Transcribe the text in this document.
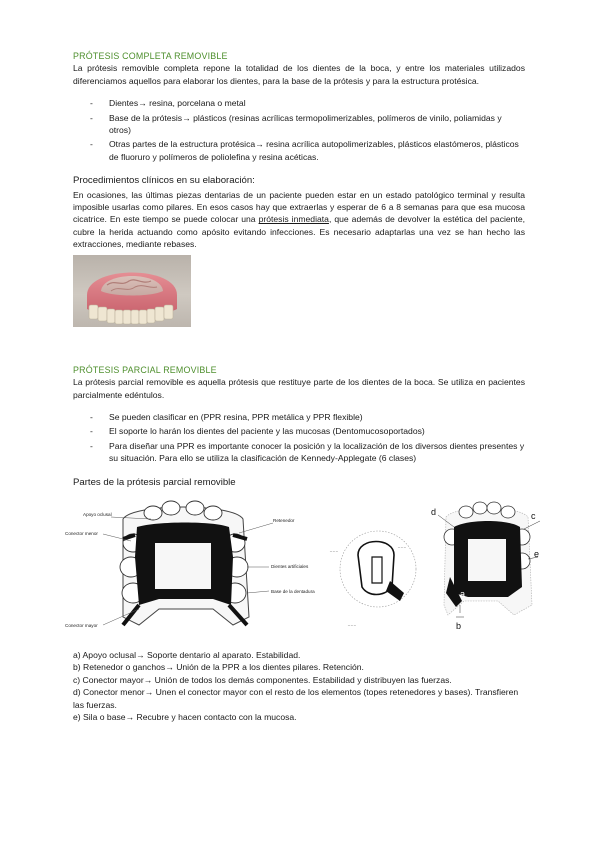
PRÓTESIS COMPLETA REMOVIBLE

La prótesis removible completa repone la totalidad de los dientes de la boca, y entre los materiales utilizados diferenciamos aquellos para elaborar los dientes, para la base de la prótesis y para la estructura protésica.

- Dientes→ resina, porcelana o metal
- Base de la prótesis→ plásticos (resinas acrílicas termopolimerizables, polímeros de vinilo, poliamidas y otros)
- Otras partes de la estructura protésica→ resina acrílica autopolimerizables, plásticos elastómeros, plásticos de fluoruro y polímeros de poliolefina y resina acéticas.

Procedimientos clínicos en su elaboración:

En ocasiones, las últimas piezas dentarias de un paciente pueden estar en un estado patológico terminal y resulta imposible usarlas como pilares. En esos casos hay que extraerlas y esperar de 6 a 8 semanas para que esa mucosa cicatrice. En este tiempo se puede colocar una prótesis inmediata, que además de devolver la estética del paciente, cubre la herida actuando como apósito evitando infecciones. Es necesario adaptarlas una vez se han hecho las extracciones, mediante rebases.

PRÓTESIS PARCIAL REMOVIBLE

La prótesis parcial removible es aquella prótesis que restituye parte de los dientes de la boca. Se utiliza en pacientes parcialmente edéntulos.

- Se pueden clasificar en (PPR resina, PPR metálica y PPR flexible)
- El soporte lo harán los dientes del paciente y las mucosas (Dentomucosoportados)
- Para diseñar una PPR es importante conocer la posición y la localización de los diversos dientes presentes y su situación. Para ello se utiliza la clasificación de Kennedy-Applegate (6 clases)

Partes de la prótesis parcial removible

Apoyo oclusal
Conector menor
Retenedor
Dientes artificiales
Base de la dentadura
Conector mayor
_ _ _
_ _ _
_ _ _
d	c
e
a
b

a) Apoyo oclusal→ Soporte dentario al aparato. Estabilidad.

b) Retenedor o ganchos→ Unión de la PPR a los dientes pilares. Retención.

c) Conector mayor→ Unión de todos los demás componentes. Estabilidad y distribuyen las fuerzas.

d) Conector menor→ Unen el conector mayor con el resto de los elementos (topes retenedores y bases). Transfieren las fuerzas.

e) Sila o base→ Recubre y hacen contacto con la mucosa.
